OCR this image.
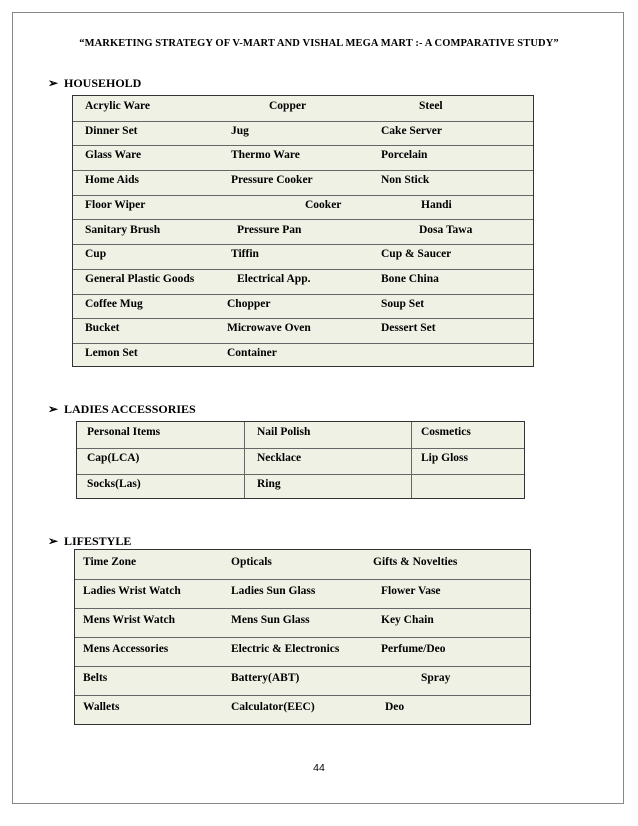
“MARKETING STRATEGY OF V-MART AND VISHAL MEGA MART :- A COMPARATIVE STUDY”
➢ HOUSEHOLD
Acrylic Ware	Copper	Steel
Dinner Set	Jug	Cake Server
Glass Ware	Thermo Ware	Porcelain
Home Aids	Pressure Cooker	Non Stick
Floor Wiper	Cooker	Handi
Sanitary Brush	Pressure Pan	Dosa Tawa
Cup	Tiffin	Cup & Saucer
General Plastic Goods	Electrical App.	Bone China
Coffee Mug	Chopper	Soup Set
Bucket	Microwave Oven	Dessert Set
Lemon Set	Container
➢ LADIES ACCESSORIES
Personal Items	Nail Polish	Cosmetics
Cap(LCA)	Necklace	Lip Gloss
Socks(Las)	Ring
➢ LIFESTYLE
Time Zone	Opticals	Gifts & Novelties
Ladies Wrist Watch	Ladies Sun Glass	Flower Vase
Mens Wrist Watch	Mens Sun Glass	Key Chain
Mens Accessories	Electric & Electronics	Perfume/Deo
Belts	Battery(ABT)	Spray
Wallets	Calculator(EEC)	Deo
44
